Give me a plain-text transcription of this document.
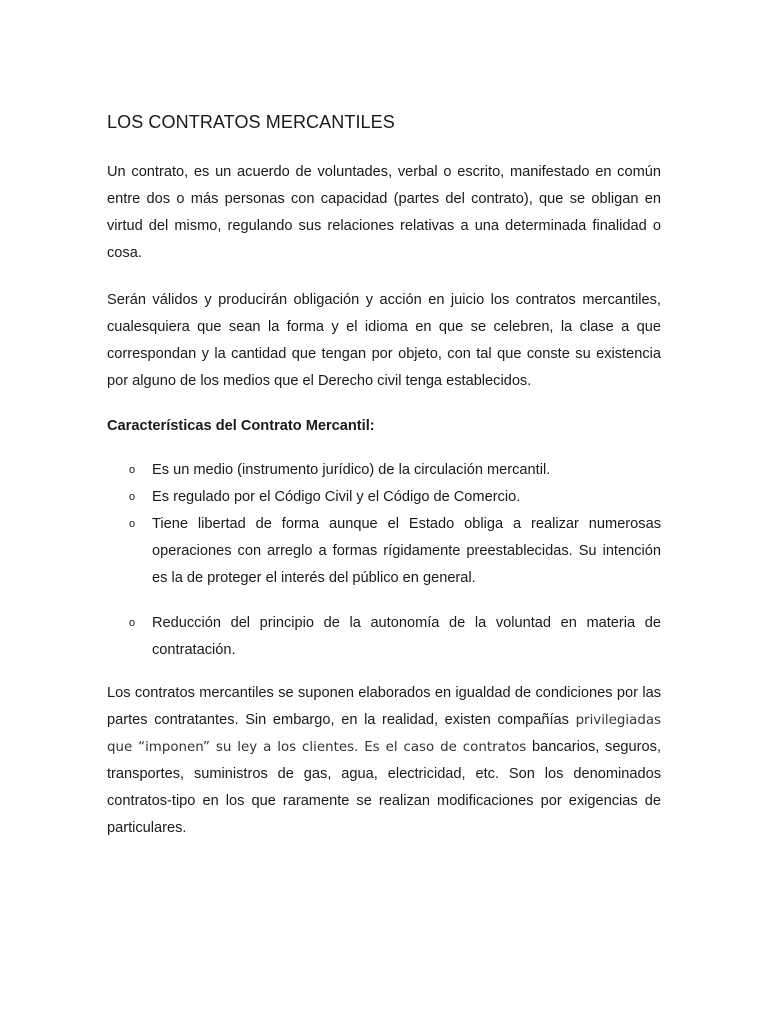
LOS CONTRATOS MERCANTILES

Un contrato, es un acuerdo de voluntades, verbal o escrito, manifestado en común entre dos o más personas con capacidad (partes del contrato), que se obligan en virtud del mismo, regulando sus relaciones relativas a una determinada finalidad o cosa.

Serán válidos y producirán obligación y acción en juicio los contratos mercantiles, cualesquiera que sean la forma y el idioma en que se celebren, la clase a que correspondan y la cantidad que tengan por objeto, con tal que conste su existencia por alguno de los medios que el Derecho civil tenga establecidos.

Características del Contrato Mercantil:
o Es un medio (instrumento jurídico) de la circulación mercantil.
o Es regulado por el Código Civil y el Código de Comercio.
o Tiene libertad de forma aunque el Estado obliga a realizar numerosas operaciones con arreglo a formas rígidamente preestablecidas. Su intención es la de proteger el interés del público en general.
o Reducción del principio de la autonomía de la voluntad en materia de contratación.

Los contratos mercantiles se suponen elaborados en igualdad de condiciones por las partes contratantes. Sin embargo, en la realidad, existen compañías privilegiadas que “imponen” su ley a los clientes. Es el caso de contratos bancarios, seguros, transportes, suministros de gas, agua, electricidad, etc. Son los denominados contratos-tipo en los que raramente se realizan modificaciones por exigencias de particulares.
